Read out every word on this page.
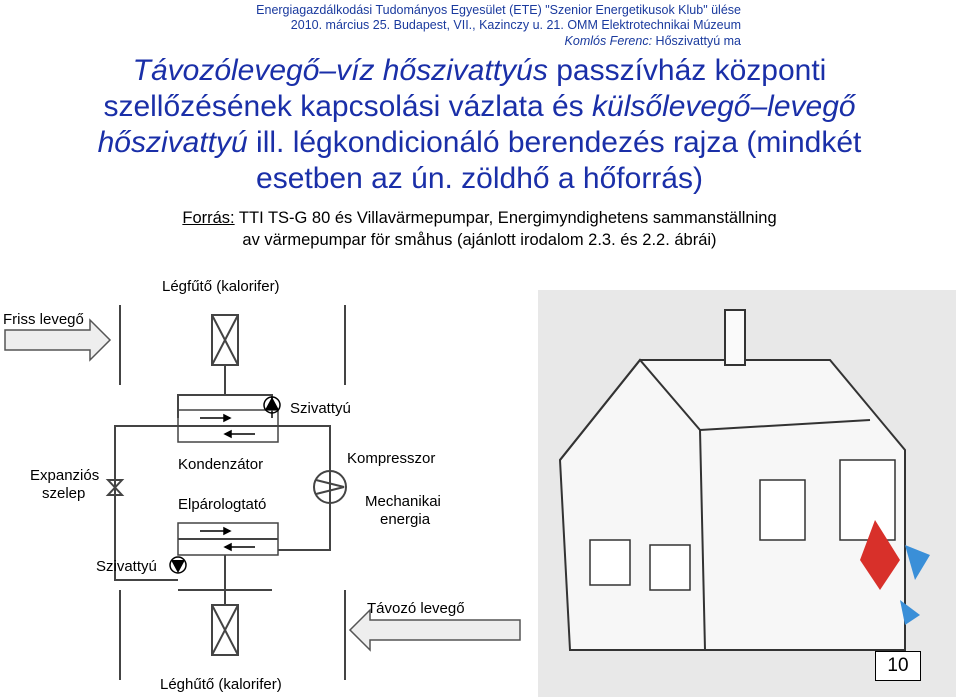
Energiagazdálkodási Tudományos Egyesület (ETE) "Szenior Energetikusok Klub" ülése
2010. március 25. Budapest, VII., Kazinczy u. 21. OMM Elektrotechnikai Múzeum
Komlós Ferenc: Hőszivattyú ma
Távozólevegő–víz hőszivattyús passzívház központi
szellőzésének kapcsolási vázlata és külsőlevegő–levegő
hőszivattyú ill. légkondicionáló berendezés rajza (mindkét
esetben az ún. zöldhő a hőforrás)
Forrás: TTI TS-G 80 és Villavärmepumpar, Energimyndighetens sammanställning
av värmepumpar för småhus (ajánlott irodalom 2.3. és 2.2. ábrái)
Légfűtő (kalorifer)
Friss levegő
Szivattyú
Expanziós
szelep
Kondenzátor	Kompresszor
Elpárologtató	Mechanikai
energia
Szivattyú
Távozó levegő
Léghűtő (kalorifer)
10
